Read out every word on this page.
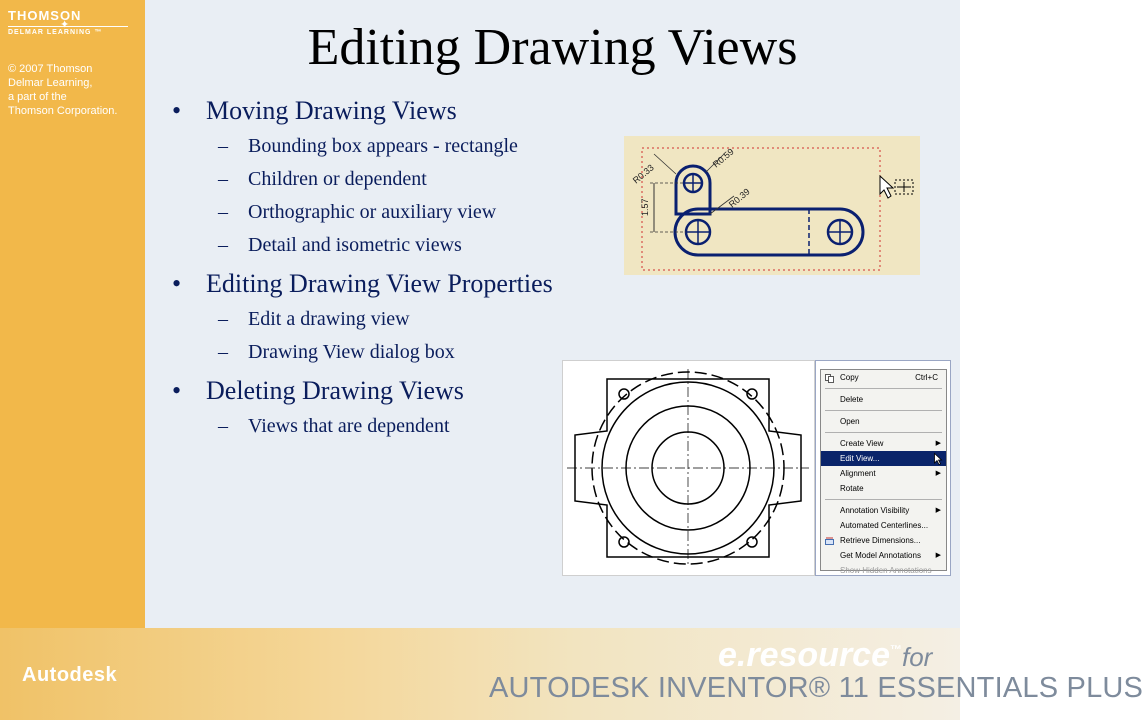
THOMSON
✦
DELMAR LEARNING ™
© 2007 Thomson
Delmar Learning,
a part of the
Thomson Corporation.
Editing Drawing Views
• Moving Drawing Views
– Bounding box appears - rectangle
– Children or dependent
– Orthographic or auxiliary view
– Detail and isometric views
• Editing Drawing View Properties
– Edit a drawing view
– Drawing View dialog box
• Deleting Drawing Views
– Views that are dependent
R0.33
R0.59
R0.39
1.57
Copy	Ctrl+C
Delete
Open
Create View	▶
Edit View...
Alignment	▶
Rotate
Annotation Visibility	▶
Automated Centerlines...
Retrieve Dimensions...
Get Model Annotations ▶
Show Hidden Annotations
Autodesk
e.resource™ for
AUTODESK INVENTOR® 11 ESSENTIALS PLUS
